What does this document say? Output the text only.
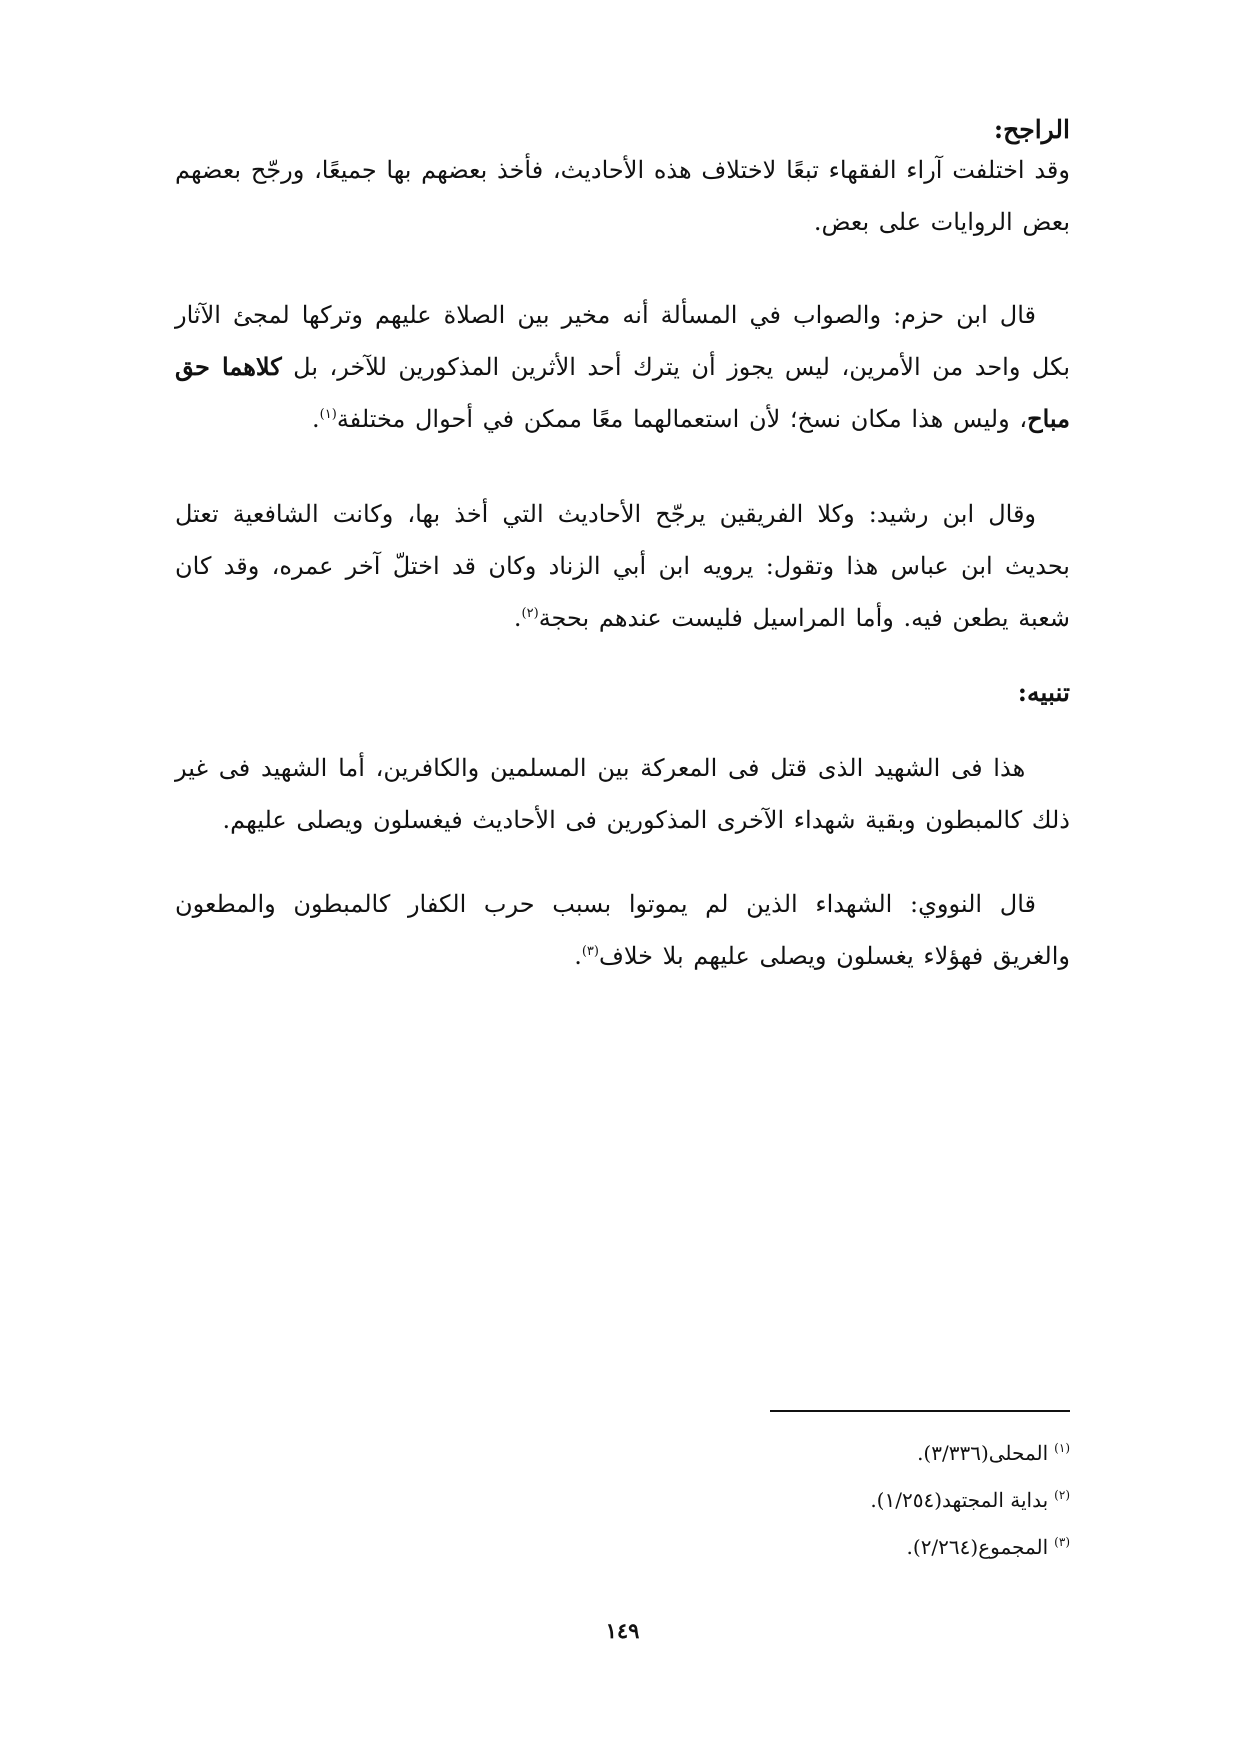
الراجح:

وقد اختلفت آراء الفقهاء تبعًا لاختلاف هذه الأحاديث، فأخذ بعضهم بها جميعًا، ورجّح بعضهم بعض الروايات على بعض.

قال ابن حزم: والصواب في المسألة أنه مخير بين الصلاة عليهم وتركها لمجئ الآثار بكل واحد من الأمرين، ليس يجوز أن يترك أحد الأثرين المذكورين للآخر، بل كلاهما حق مباح، وليس هذا مكان نسخ؛ لأن استعمالهما معًا ممكن في أحوال مختلفة$^{(١)}$.

وقال ابن رشيد: وكلا الفريقين يرجّح الأحاديث التي أخذ بها، وكانت الشافعية تعتل بحديث ابن عباس هذا وتقول: يرويه ابن أبي الزناد وكان قد اختلّ آخر عمره، وقد كان شعبة يطعن فيه. وأما المراسيل فليست عندهم بحجة$^{(٢)}$.

تنبيه:

هذا فى الشهيد الذى قتل فى المعركة بين المسلمين والكافرين، أما الشهيد فى غير ذلك كالمبطون وبقية شهداء الآخرى المذكورين فى الأحاديث فيغسلون ويصلى عليهم.

قال النووي: الشهداء الذين لم يموتوا بسبب حرب الكفار كالمبطون والمطعون والغريق فهؤلاء يغسلون ويصلى عليهم بلا خلاف$^{(٣)}$.

$^{(١)}$المحلى(٣/٣٣٦).
$^{(٢)}$بداية المجتهد(١/٢٥٤).
$^{(٣)}$المجموع(٢/٢٦٤).
١٤٩
